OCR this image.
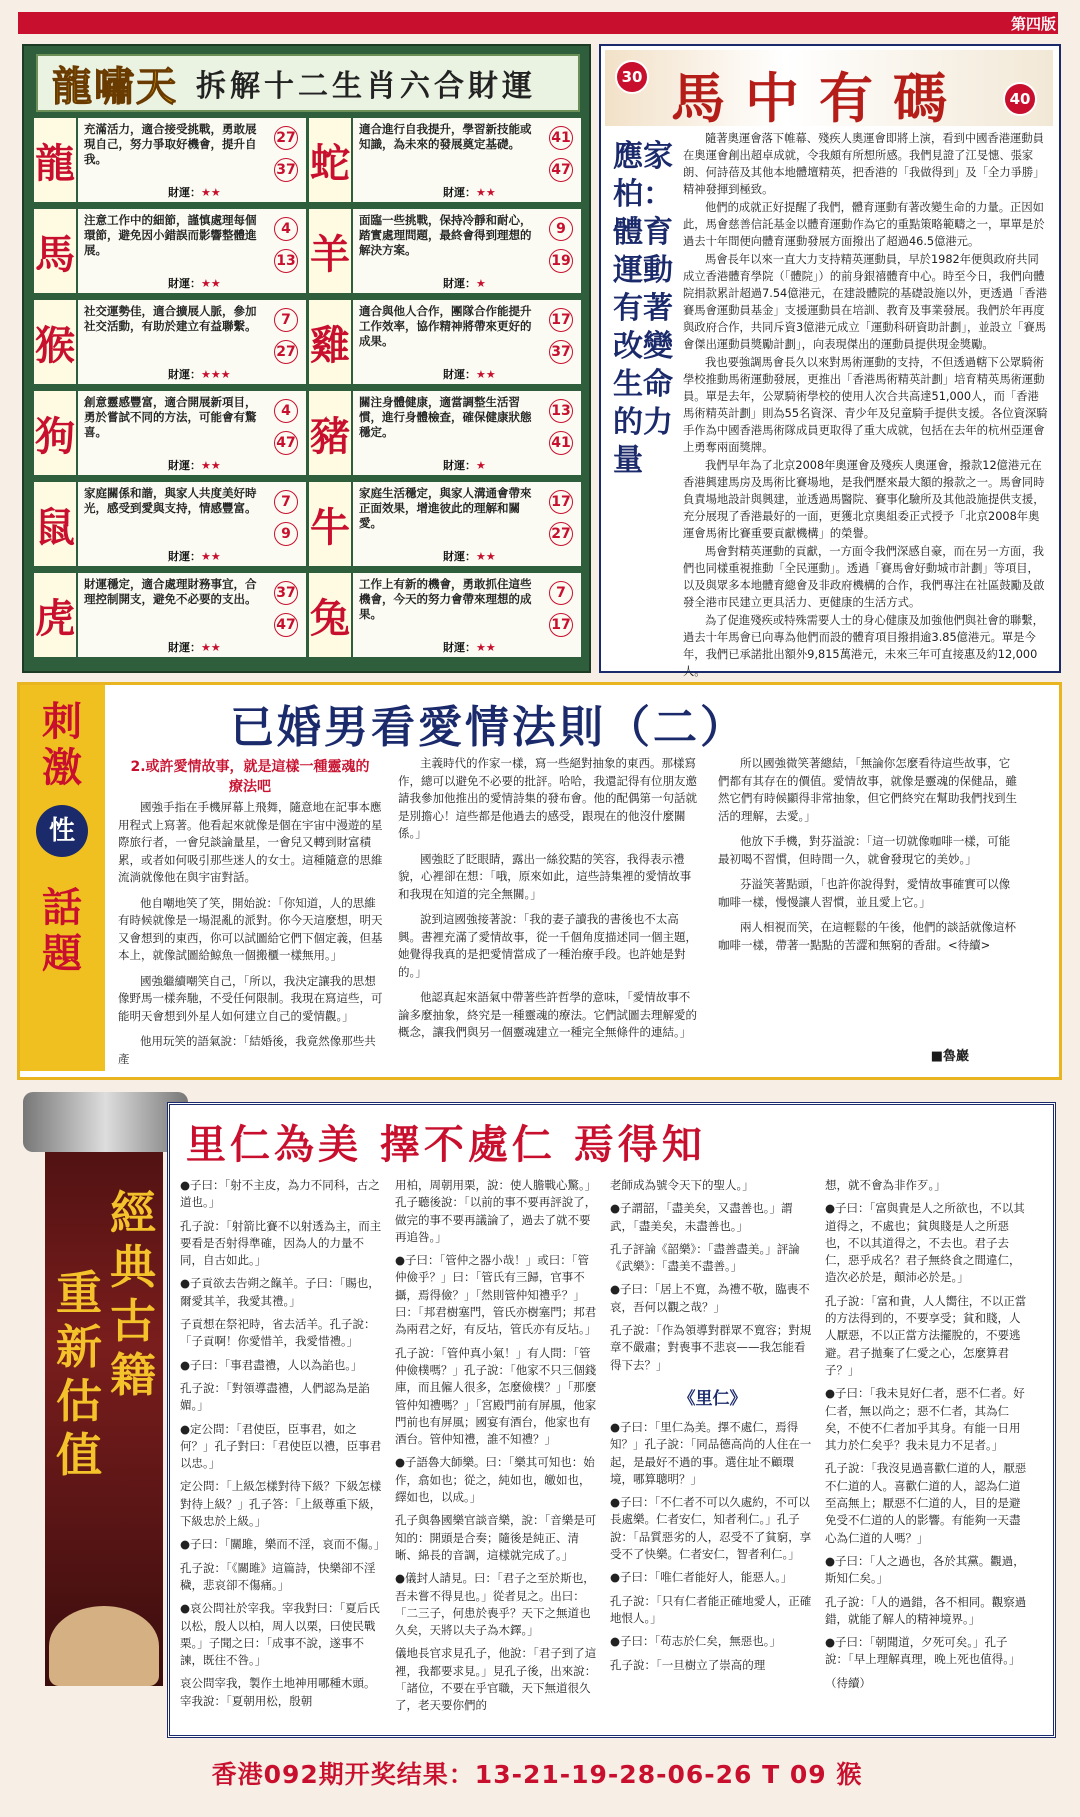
第四版
龍嘯天 拆解十二生肖六合財運
龍
充滿活力，適合接受挑戰，勇敢展現自己，努力爭取好機會，提升自我。
財運：★★
27
37 蛇
適合進行自我提升，學習新技能或知識，為未來的發展奠定基礎。
財運：★★
41
47
馬
注意工作中的細節，謹慎處理每個環節，避免因小錯誤而影響整體進展。
財運：★★
4
13 羊
面臨一些挑戰，保持冷靜和耐心，踏實處理問題，最終會得到理想的解決方案。
財運：★
9
19
猴
社交運勢佳，適合擴展人脈，參加社交活動，有助於建立有益聯繫。
財運：★★★
7
27 雞
適合與他人合作，團隊合作能提升工作效率，協作精神將帶來更好的成果。
財運：★★
17
37
狗
創意靈感豐富，適合開展新項目，勇於嘗試不同的方法，可能會有驚喜。
財運：★★
4
47 豬
關注身體健康，適當調整生活習慣，進行身體檢查，確保健康狀態穩定。
財運：★
13
41
鼠
家庭關係和諧，與家人共度美好時光，感受到愛與支持，情感豐富。
財運：★★
7
9 牛
家庭生活穩定，與家人溝通會帶來正面效果，增進彼此的理解和關愛。
財運：★★
17
27
虎
財運穩定，適合處理財務事宜，合理控制開支，避免不必要的支出。
財運：★★
37
47 兔
工作上有新的機會，勇敢抓住這些機會，今天的努力會帶來理想的成果。
財運：★★
7
17
30 馬中有碼	40
應家柏：體育運動有著改變生命的力量

隨著奧運會落下帷幕、殘疾人奧運會即將上演，看到中國香港運動員在奧運會創出超卓成就，令我頗有所想所感。我們見證了江旻憓、張家朗、何詩蓓及其他本地體壇精英，把香港的「我做得到」及「全力爭勝」精神發揮到極致。

他們的成就正好提醒了我們，體育運動有著改變生命的力量。正因如此，馬會慈善信託基金以體育運動作為它的重點策略範疇之一，單單是於過去十年間便向體育運動發展方面撥出了超過46.5億港元。

馬會長年以來一直大力支持精英運動員，早於1982年便與政府共同成立香港體育學院（「體院」）的前身銀禧體育中心。時至今日，我們向體院捐款累計超過7.54億港元，在建設體院的基礎設施以外，更透過「香港賽馬會運動員基金」支援運動員在培訓、教育及事業發展。我們於年再度與政府合作，共同斥資3億港元成立「運動科研資助計劃」，並設立「賽馬會傑出運動員獎勵計劃」，向表現傑出的運動員提供現金獎勵。

我也要強調馬會長久以來對馬術運動的支持，不但透過轄下公眾騎術學校推動馬術運動發展，更推出「香港馬術精英計劃」培育精英馬術運動員。單是去年，公眾騎術學校的使用人次合共高達51,000人，而「香港馬術精英計劃」則為55名資深、青少年及兒童騎手提供支援。各位資深騎手作為中國香港馬術隊成員更取得了重大成就，包括在去年的杭州亞運會上勇奪兩面獎牌。

我們早年為了北京2008年奧運會及殘疾人奧運會，撥款12億港元在香港興建馬房及馬術比賽場地，是我們歷來最大額的撥款之一。馬會同時負責場地設計與興建，並透過馬醫院、賽事化驗所及其他設施提供支援，充分展現了香港最好的一面，更獲北京奧組委正式授予「北京2008年奧運會馬術比賽重要貢獻機構」的榮譽。

馬會對精英運動的貢獻，一方面令我們深感自豪，而在另一方面，我們也同樣重視推動「全民運動」。透過「賽馬會好動城市計劃」等項目，以及與眾多本地體育總會及非政府機構的合作，我們專注在社區鼓勵及啟發全港市民建立更具活力、更健康的生活方式。

為了促進殘疾或特殊需要人士的身心健康及加強他們與社會的聯繫，過去十年馬會已向專為他們而設的體育項目撥捐逾3.85億港元。單是今年，我們已承諾批出額外9,815萬港元，未來三年可直接惠及約12,000人。

刺激
性
話題
已婚男看愛情法則（二）
2.或許愛情故事，就是這樣一種靈魂的療法吧

國強手指在手機屏幕上飛舞，隨意地在記事本應用程式上寫著。他看起來就像是個在宇宙中漫遊的星際旅行者，一會兒談論量星，一會兒又轉到財富積累，或者如何吸引那些迷人的女士。這種隨意的思維流淌就像他在與宇宙對話。

他自嘲地笑了笑，開始說：「你知道，人的思維有時候就像是一場混亂的派對。你今天這麼想，明天又會想到的東西，你可以試圖給它們下個定義，但基本上，就像試圖給鯨魚一個搬櫃一樣無用。」

國強繼續嘲笑自己，「所以，我決定讓我的思想像野馬一樣奔馳，不受任何限制。我現在寫這些，可能明天會想到外星人如何建立自己的愛情觀。」

他用玩笑的語氣說：「結婚後，我竟然像那些共產

主義時代的作家一樣，寫一些絕對抽象的東西。那樣寫作，總可以避免不必要的批評。哈哈，我還記得有位朋友邀請我參加他推出的愛情詩集的發布會。他的配偶第一句話就是別擔心！這些都是他過去的感受，跟現在的他沒什麼關係。」

國強眨了眨眼睛，露出一絲狡黠的笑容，我得表示禮貌，心裡卻在想：「哦，原來如此，這些詩集裡的愛情故事和我現在知道的完全無關。」

說到這國強接著說：「我的妻子讀我的書後也不太高興。書裡充滿了愛情故事，從一千個角度描述同一個主題，她覺得我真的是把愛情當成了一種治療手段。也許她是對的。」

他認真起來語氣中帶著些許哲學的意味，「愛情故事不論多麼抽象，終究是一種靈魂的療法。它們試圖去理解愛的概念，讓我們與另一個靈魂建立一種完全無條件的連結。」

所以國強微笑著總結，「無論你怎麼看待這些故事，它們都有其存在的價值。愛情故事，就像是靈魂的保健品，雖然它們有時候顯得非常抽象，但它們終究在幫助我們找到生活的理解，去愛。」

他放下手機，對芬溢說：「這一切就像咖啡一樣，可能最初喝不習慣，但時間一久，就會發現它的美妙。」

芬溢笑著點頭，「也許你說得對，愛情故事確實可以像咖啡一樣，慢慢讓人習慣，並且愛上它。」

兩人相視而笑，在這輕鬆的午後，他們的談話就像這杯咖啡一樣，帶著一點點的苦澀和無窮的香甜。<待續>

■魯巖
經典古籍
重新估值
里仁為美 擇不處仁 焉得知

●子曰：「射不主皮，為力不同科，古之道也。」

孔子說：「射箭比賽不以射透為主，而主要看是否射得準確，因為人的力量不同，自古如此。」

●子貢欲去告朔之餼羊。子曰：「賜也，爾愛其羊，我愛其禮。」

子貢想在祭祀時，省去活羊。孔子說：「子貢啊！你愛惜羊，我愛惜禮。」

●子曰：「事君盡禮，人以為諂也。」

孔子說：「對領導盡禮，人們認為是諂媚。」

●定公問：「君使臣，臣事君，如之何？」孔子對曰：「君使臣以禮，臣事君以忠。」

定公問：「上級怎樣對待下級？下級怎樣對待上級？」孔子答：「上級尊重下級，下級忠於上級。」

●子曰：「關雎，樂而不淫，哀而不傷。」

孔子說：「《關雎》這篇詩，快樂卻不淫穢，悲哀卻不傷痛。」

●哀公問社於宰我。宰我對曰：「夏后氏以松，殷人以柏，周人以栗，曰使民戰栗。」子聞之曰：「成事不說，遂事不諫，既往不咎。」

哀公問宰我，製作土地神用哪種木頭。宰我說：「夏朝用松，殷朝

用柏，周朝用栗，說：使人膽戰心驚。」孔子聽後說：「以前的事不要再評說了，做完的事不要再議論了，過去了就不要再追咎。」

●子曰：「管仲之器小哉！」或曰：「管仲儉乎？」曰：「管氏有三歸，官事不攝，焉得儉？」「然則管仲知禮乎？」曰：「邦君樹塞門，管氏亦樹塞門；邦君為兩君之好，有反坫，管氏亦有反坫。」

孔子說：「管仲真小氣！」有人問：「管仲儉樸嗎？」孔子說：「他家不只三個錢庫，而且僱人很多，怎麼儉樸？」「那麼管仲知禮嗎？」「宮殿門前有屏風，他家門前也有屏風；國宴有酒台，他家也有酒台。管仲知禮，誰不知禮？」

●子語魯大師樂。曰：「樂其可知也：始作，翕如也；從之，純如也，皦如也，繹如也，以成。」

孔子與魯國樂官談音樂，說：「音樂是可知的：開頭是合奏；隨後是純正、清晰、綿長的音調，這樣就完成了。」

●儀封人請見。曰：「君子之至於斯也，吾未嘗不得見也。」從者見之。出曰：「二三子，何患於喪乎？天下之無道也久矣，天將以夫子為木鐸。」

儀地長官求見孔子，他說：「君子到了這裡，我都要求見。」見孔子後，出來說：「諸位，不要在乎官職，天下無道很久了，老天要你們的

老師成為號令天下的聖人。」

●子謂韶，「盡美矣，又盡善也。」謂武，「盡美矣，未盡善也。」

孔子評論《韶樂》：「盡善盡美。」評論《武樂》：「盡美不盡善。」

●子曰：「居上不寬，為禮不敬，臨喪不哀，吾何以觀之哉？」

孔子說：「作為領導對群眾不寬容；對規章不嚴肅；對喪事不悲哀——我怎能看得下去？」

《里仁》

●子曰：「里仁為美。擇不處仁，焉得知？」孔子說：「同品德高尚的人住在一起，是最好不過的事。選住址不顧環境，哪算聰明？」

●子曰：「不仁者不可以久處約，不可以長處樂。仁者安仁，知者利仁。」孔子說：「品質惡劣的人，忍受不了貧窮，享受不了快樂。仁者安仁，智者利仁。」

●子曰：「唯仁者能好人，能惡人。」

孔子說：「只有仁者能正確地愛人，正確地恨人。」

●子曰：「苟志於仁矣，無惡也。」

孔子說：「一旦樹立了崇高的理

想，就不會為非作歹。」

●子曰：「富與貴是人之所欲也，不以其道得之，不處也；貧與賤是人之所惡也，不以其道得之，不去也。君子去仁，惡乎成名？君子無終食之間違仁，造次必於是，顛沛必於是。」

孔子說：「富和貴，人人嚮往，不以正當的方法得到的，不要享受；貧和賤，人人厭惡，不以正當方法擺脫的，不要逃避。君子拋棄了仁愛之心，怎麼算君子？」

●子曰：「我未見好仁者，惡不仁者。好仁者，無以尚之；惡不仁者，其為仁矣，不使不仁者加乎其身。有能一日用其力於仁矣乎？我未見力不足者。」

孔子說：「我沒見過喜歡仁道的人，厭惡不仁道的人。喜歡仁道的人，認為仁道至高無上；厭惡不仁道的人，目的是避免受不仁道的人的影響。有能夠一天盡心為仁道的人嗎？」

●子曰：「人之過也，各於其黨。觀過，斯知仁矣。」

孔子說：「人的過錯，各不相同。觀察過錯，就能了解人的精神境界。」

●子曰：「朝聞道，夕死可矣。」孔子說：「早上理解真理，晚上死也值得。」

（待續）

香港092期开奖结果：13-21-19-28-06-26 T 09 猴
